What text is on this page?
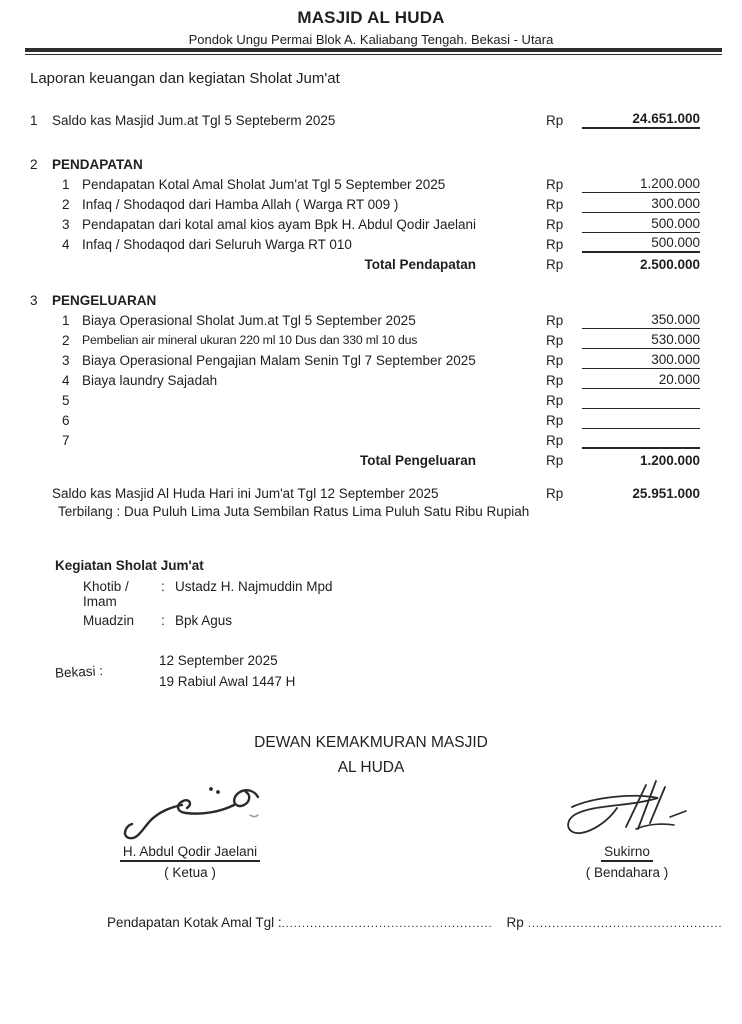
MASJID AL HUDA
Pondok Ungu Permai Blok A. Kaliabang Tengah. Bekasi - Utara
Laporan keuangan dan kegiatan Sholat Jum'at
1	Saldo kas Masjid Jum.at Tgl 5 Septeberm 2025	Rp	24.651.000
2	PENDAPATAN
1 Pendapatan Kotal Amal Sholat Jum'at Tgl 5 September 2025	Rp	1.200.000
2 Infaq / Shodaqod dari Hamba Allah ( Warga RT 009 )	Rp	300.000
3 Pendapatan dari kotal amal kios ayam Bpk H. Abdul Qodir Jaelani	Rp	500.000
4 Infaq / Shodaqod dari Seluruh Warga RT 010	Rp	500.000
Total Pendapatan	Rp	2.500.000
3	PENGELUARAN
1 Biaya Operasional Sholat Jum.at Tgl 5 September 2025	Rp	350.000
2	Pembelian air mineral ukuran 220 ml 10 Dus dan 330 ml 10 dus	Rp	530.000
3 Biaya Operasional Pengajian Malam Senin Tgl 7 September 2025	Rp	300.000
4 Biaya laundry Sajadah	Rp	20.000
5	Rp
6	Rp
7	Rp
Total Pengeluaran	Rp	1.200.000
Saldo kas Masjid Al Huda Hari ini Jum'at Tgl 12 September 2025	Rp	25.951.000
Terbilang : Dua Puluh Lima Juta Sembilan Ratus Lima Puluh Satu Ribu Rupiah
Kegiatan Sholat Jum'at
Khotib / Imam
: Ustadz H. Najmuddin Mpd
Muadzin	: Bpk Agus
Bekasi :
12 September 2025
19 Rabiul Awal 1447 H
DEWAN KEMAKMURAN MASJID
AL HUDA
H. Abdul Qodir Jaelani
( Ketua )
Sukirno
( Bendahara )
Pendapatan Kotak Amal Tgl :.................................................... Rp ................................................
